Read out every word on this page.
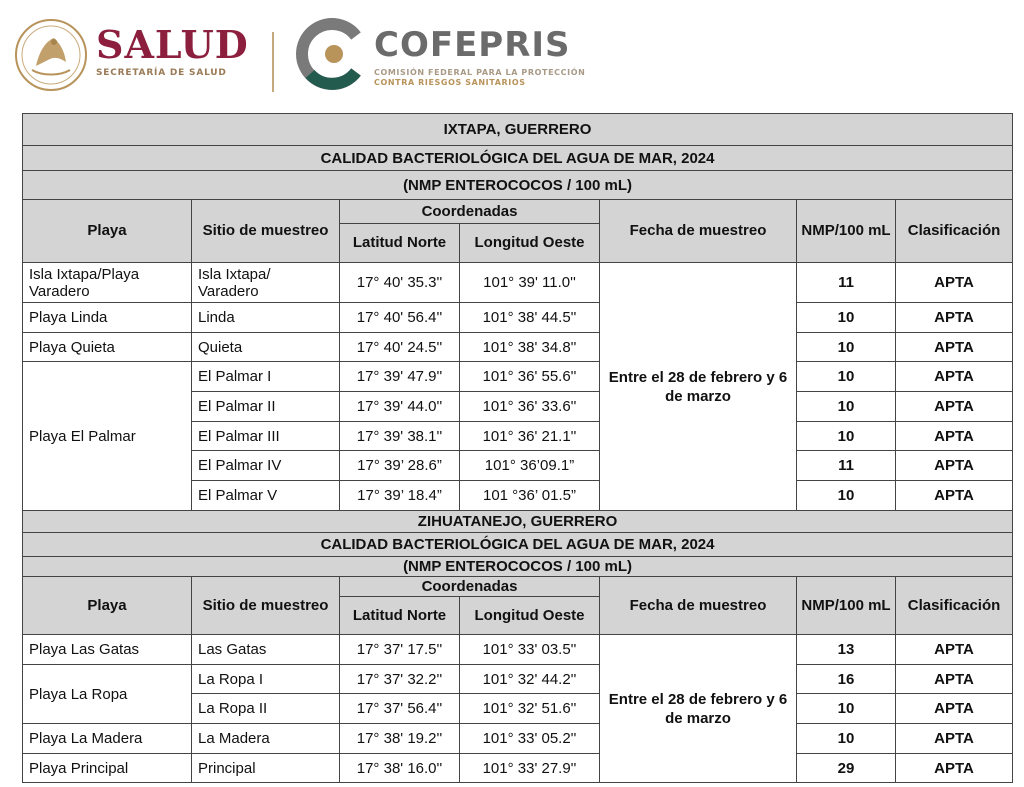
SALUD
SECRETARÍA DE SALUD
COFEPRIS
COMISIÓN FEDERAL PARA LA PROTECCIÓN
CONTRA RIESGOS SANITARIOS
IXTAPA, GUERRERO						
CALIDAD BACTERIOLÓGICA DEL AGUA DE MAR, 2024						
(NMP ENTEROCOCOS / 100 mL)						
Playa	Sitio de muestreo	Coordenadas		Fecha de muestreo	NMP/100 mL	Clasificación
		Latitud Norte	Longitud Oeste			
Isla Ixtapa/Playa Varadero	Isla Ixtapa/ Varadero	17° 40' 35.3''	101° 39' 11.0''	Entre el 28 de febrero y 6 de marzo	11	APTA
Playa Linda	Linda	17° 40' 56.4''	101° 38' 44.5''		10	APTA
Playa Quieta	Quieta	17° 40' 24.5''	101° 38' 34.8''		10	APTA
Playa El Palmar	El Palmar I	17° 39' 47.9''	101° 36' 55.6''		10	APTA
	El Palmar II	17° 39' 44.0''	101° 36' 33.6''		10	APTA
	El Palmar III	17° 39' 38.1''	101° 36' 21.1''		10	APTA
	El Palmar IV	17° 39’ 28.6”	101° 36’09.1”		11	APTA
	El Palmar V	17° 39’ 18.4”	101 °36’ 01.5”		10	APTA
ZIHUATANEJO, GUERRERO						
CALIDAD BACTERIOLÓGICA DEL AGUA DE MAR, 2024						
(NMP ENTEROCOCOS / 100 mL)						
Playa	Sitio de muestreo	Coordenadas		Fecha de muestreo	NMP/100 mL	Clasificación
		Latitud Norte	Longitud Oeste			
Playa Las Gatas	Las Gatas	17° 37' 17.5''	101° 33' 03.5''	Entre el 28 de febrero y 6 de marzo	13	APTA
Playa La Ropa	La Ropa I	17° 37' 32.2''	101° 32' 44.2''		16	APTA
	La Ropa II	17° 37' 56.4''	101° 32' 51.6''		10	APTA
Playa La Madera	La Madera	17° 38' 19.2''	101° 33' 05.2''		10	APTA
Playa Principal	Principal	17° 38' 16.0''	101° 33' 27.9''		29	APTA
